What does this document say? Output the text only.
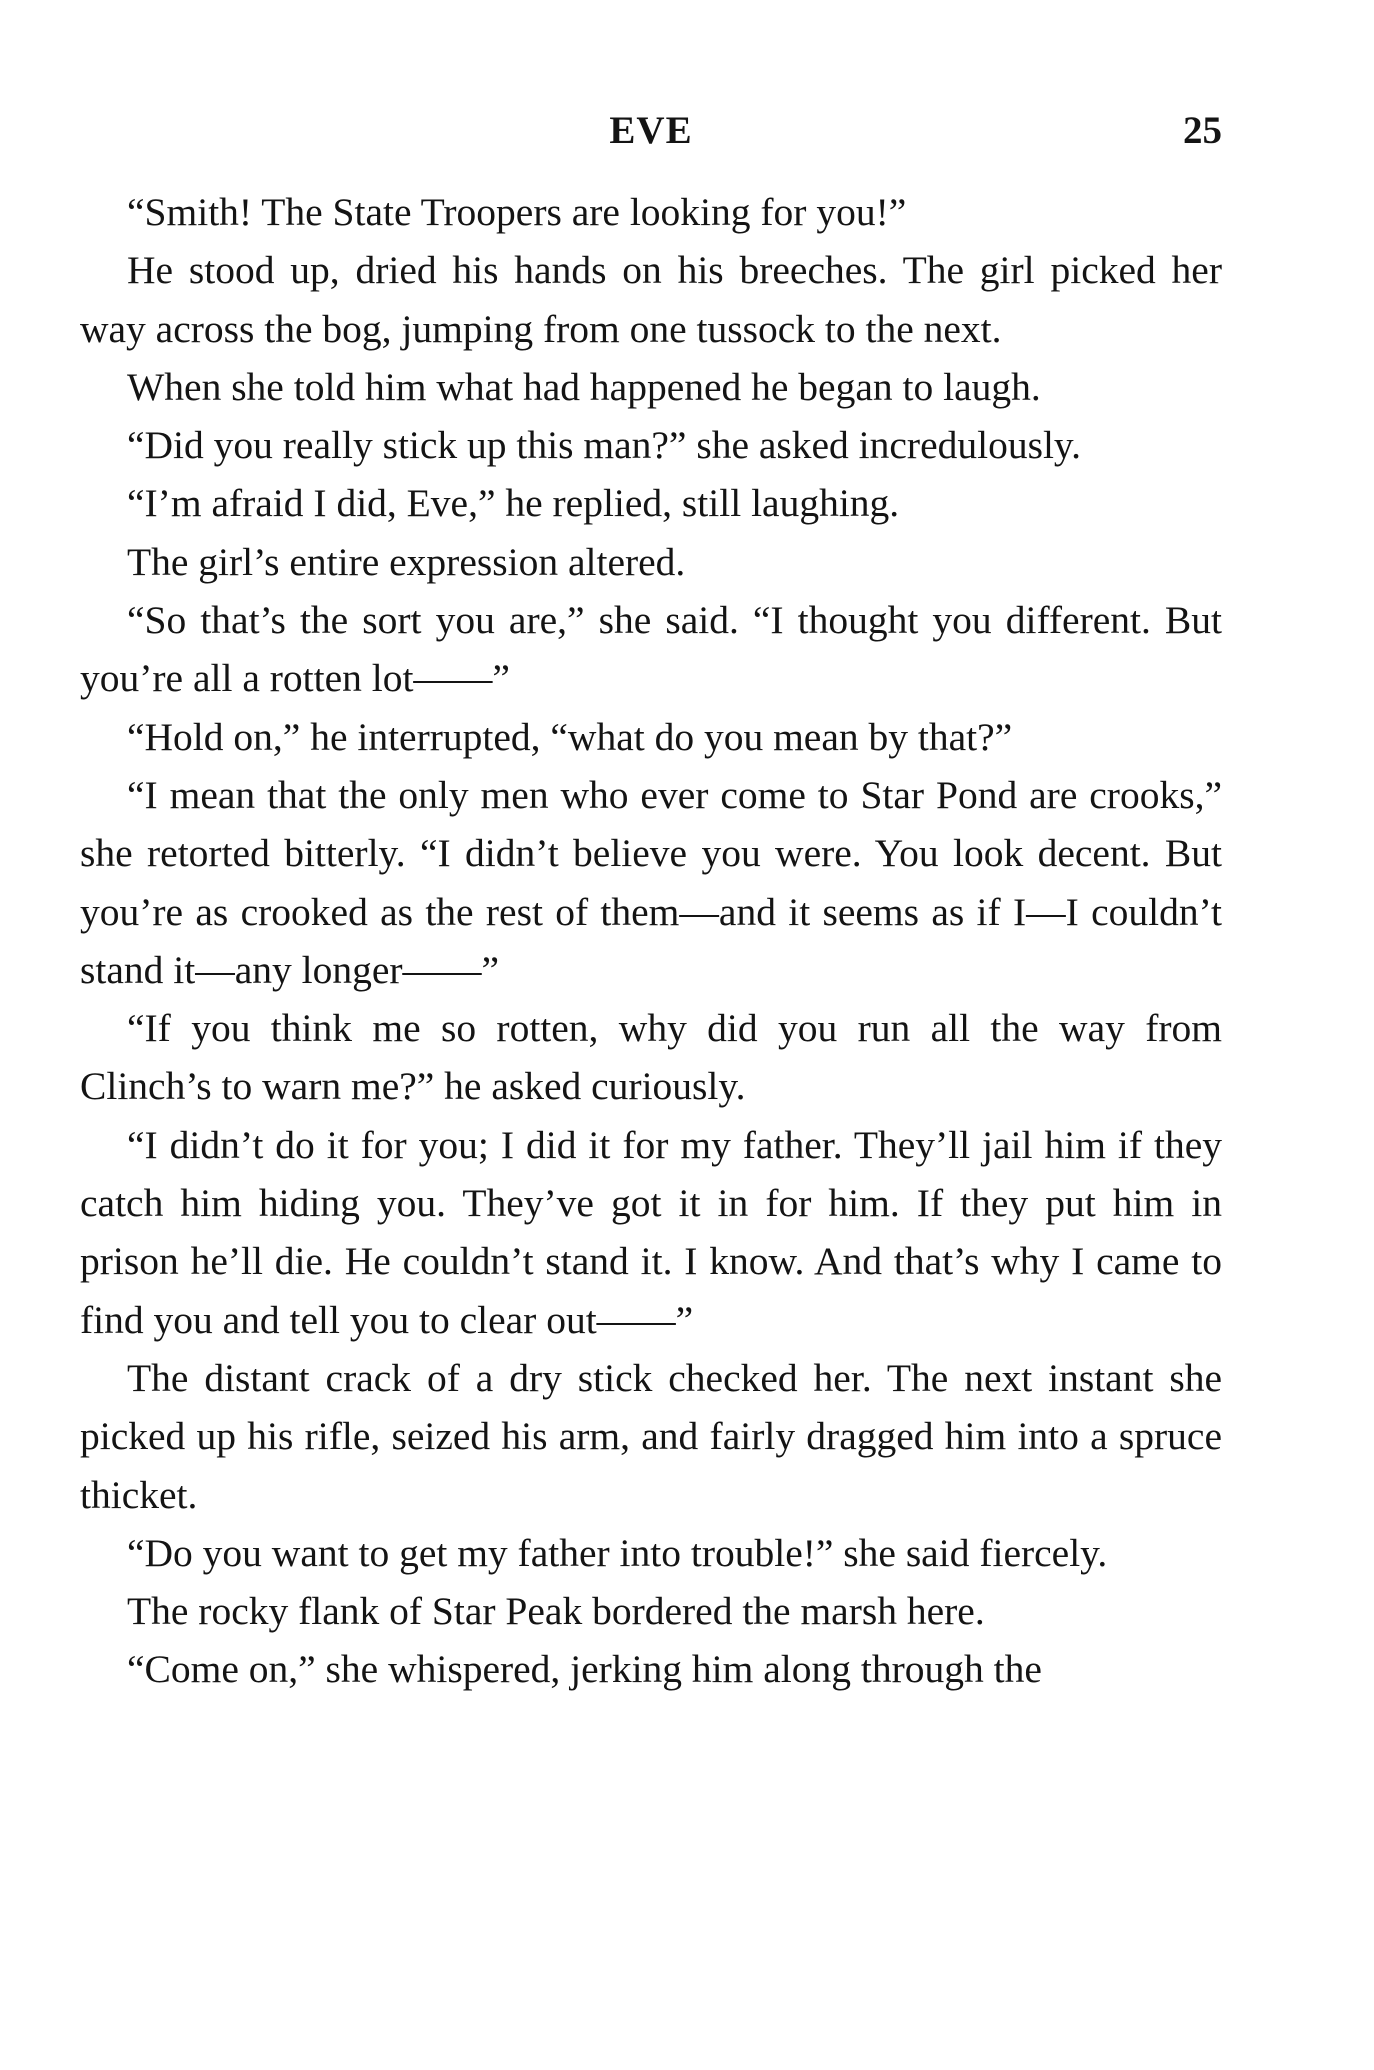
EVE	25

“Smith! The State Troopers are looking for you!”

He stood up, dried his hands on his breeches. The girl picked her way across the bog, jumping from one tussock to the next.

When she told him what had happened he began to laugh.

“Did you really stick up this man?” she asked incredulously.

“I’m afraid I did, Eve,” he replied, still laughing.

The girl’s entire expression altered.

“So that’s the sort you are,” she said. “I thought you different. But you’re all a rotten lot——”

“Hold on,” he interrupted, “what do you mean by that?”

“I mean that the only men who ever come to Star Pond are crooks,” she retorted bitterly. “I didn’t believe you were. You look decent. But you’re as crooked as the rest of them—and it seems as if I—I couldn’t stand it—any longer——”

“If you think me so rotten, why did you run all the way from Clinch’s to warn me?” he asked curiously.

“I didn’t do it for you; I did it for my father. They’ll jail him if they catch him hiding you. They’ve got it in for him. If they put him in prison he’ll die. He couldn’t stand it. I know. And that’s why I came to find you and tell you to clear out——”

The distant crack of a dry stick checked her. The next instant she picked up his rifle, seized his arm, and fairly dragged him into a spruce thicket.

“Do you want to get my father into trouble!” she said fiercely.

The rocky flank of Star Peak bordered the marsh here.

“Come on,” she whispered, jerking him along through the
